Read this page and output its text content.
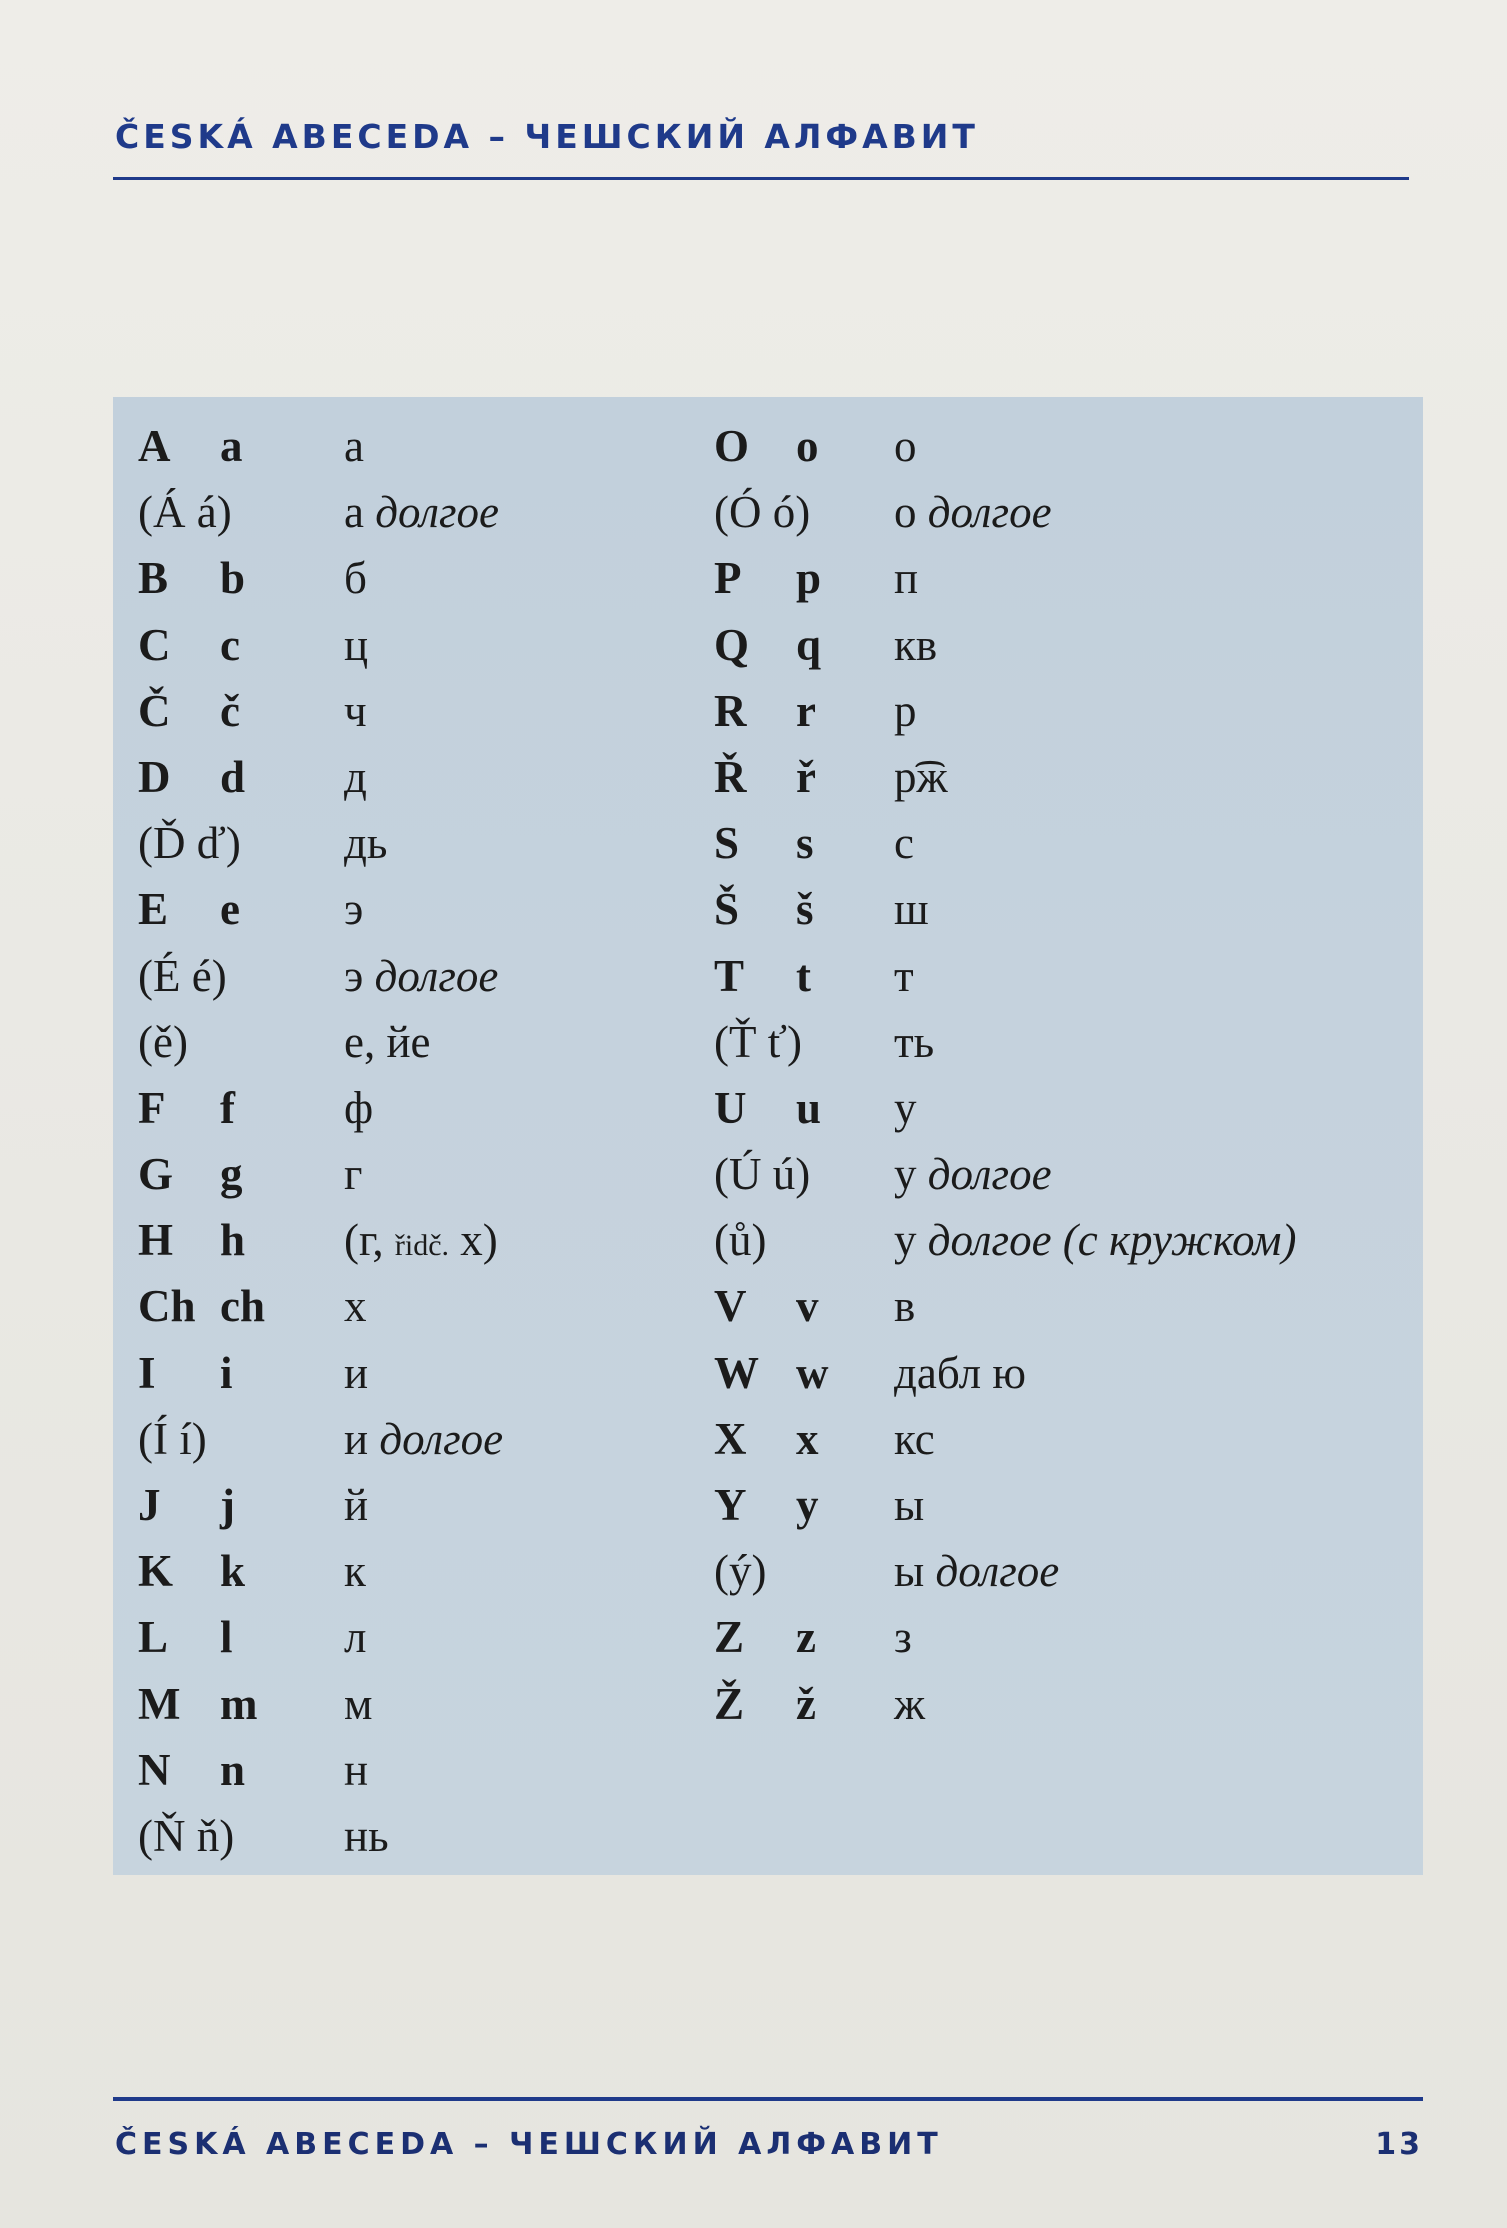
ČESKÁ ABECEDA – ЧЕШСКИЙ АЛФАВИТ
A a а
(Á á) а долгое
B b б
C c ц
Č č ч
D d д
(Ď ď) дь
E e э
(É é)	э долгое
(ě)	е, йе
F f ф
G g г
H h (г, řidč. х)
Ch ch х
I i и
(Í í)	и долгое
J j й
K k к
L l л
M m м
N n н
(Ň ň) нь
O o о
(Ó ó) о долгое
P p п
Q q кв
R r р
Ř ř р͡ж
S s с
Š š ш
T t т
(Ť ť) ть
U u у
(Ú ú) у долгое
(ů)	у долгое (с кружком)
V v в
W w дабл ю
X x кс
Y y ы
(ý)	ы долгое
Z z з
Ž ž ж
ČESKÁ ABECEDA – ЧЕШСКИЙ АЛФАВИТ	13
